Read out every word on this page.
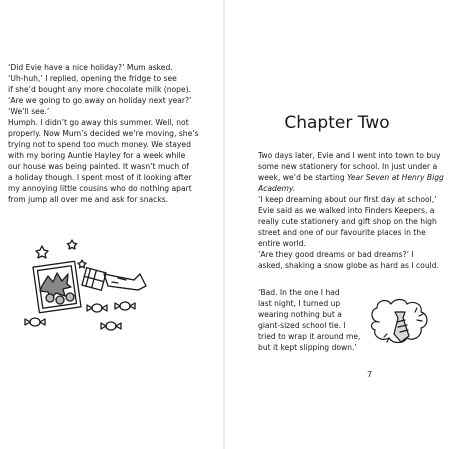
‘Did Evie have a nice holiday?’ Mum asked.
‘Uh-huh,’ I replied, opening the fridge to see
if she’d bought any more chocolate milk (nope).
‘Are we going to go away on holiday next year?’
‘We’ll see.’
Humph. I didn’t go away this summer. Well, not
properly. Now Mum’s decided we’re moving, she’s
trying not to spend too much money. We stayed
with my boring Auntie Hayley for a week while
our house was being painted. It wasn’t much of
a holiday though. I spent most of it looking after
my annoying little cousins who do nothing apart
from jump all over me and ask for snacks.
Chapter Two
Two days later, Evie and I went into town to buy
some new stationery for school. In just under a
week, we’d be starting Year Seven at Henry Bigg
Academy.
‘I keep dreaming about our first day at school,’
Evie said as we walked into Finders Keepers, a
really cute stationery and gift shop on the high
street and one of our favourite places in the
entire world.
‘Are they good dreams or bad dreams?’ I
asked, shaking a snow globe as hard as I could.
‘Bad. In the one I had
last night, I turned up
wearing nothing but a
giant-sized school tie. I
tried to wrap it around me,
but it kept slipping down.’
7
